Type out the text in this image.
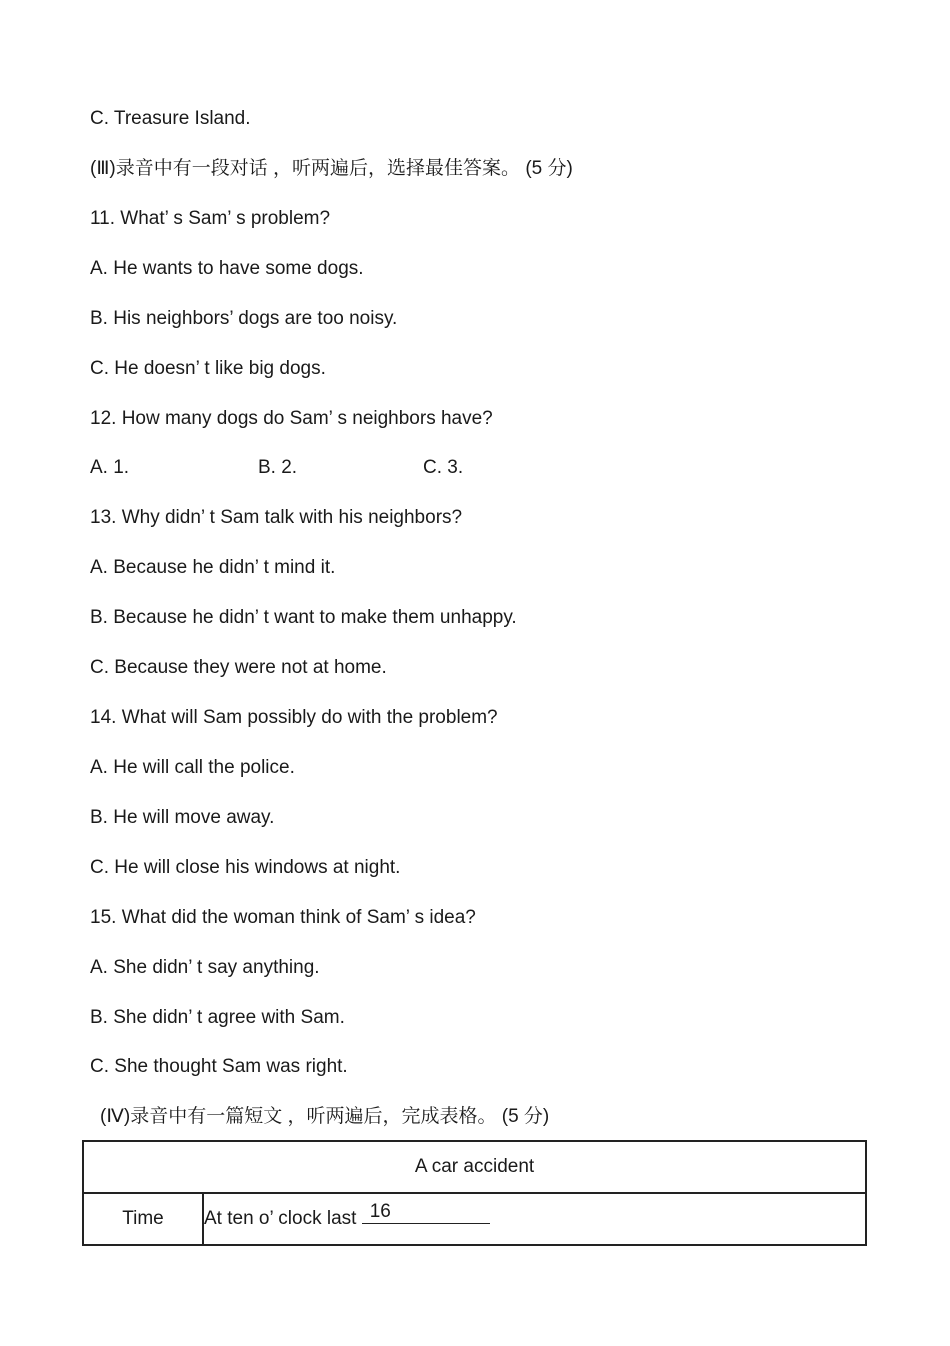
C. Treasure Island.
(Ⅲ)录音中有一段对话 ，听两遍后，选择最佳答案。 (5 分)
11. What’ s Sam’ s problem?
A. He wants to have some dogs.
B. His neighbors’ dogs are too noisy.
C. He doesn’ t like big dogs.
12. How many dogs do Sam’ s neighbors have?

A. 1.

	B. 2.

	C. 3.

13. Why didn’ t Sam talk with his neighbors?
A. Because he didn’ t mind it.
B. Because he didn’ t want to make them unhappy.
C. Because they were not at home.
14. What will Sam possibly do with the problem?
A. He will call the police.
B. He will move away.
C. He will close his windows at night.
15. What did the woman think of Sam’ s idea?
A. She didn’ t say anything.
B. She didn’ t agree with Sam.
C. She thought Sam was right.
(Ⅳ)录音中有一篇短文 ，听两遍后，完成表格。 (5 分)
A car accident
Time	At ten o’ clock last 16
